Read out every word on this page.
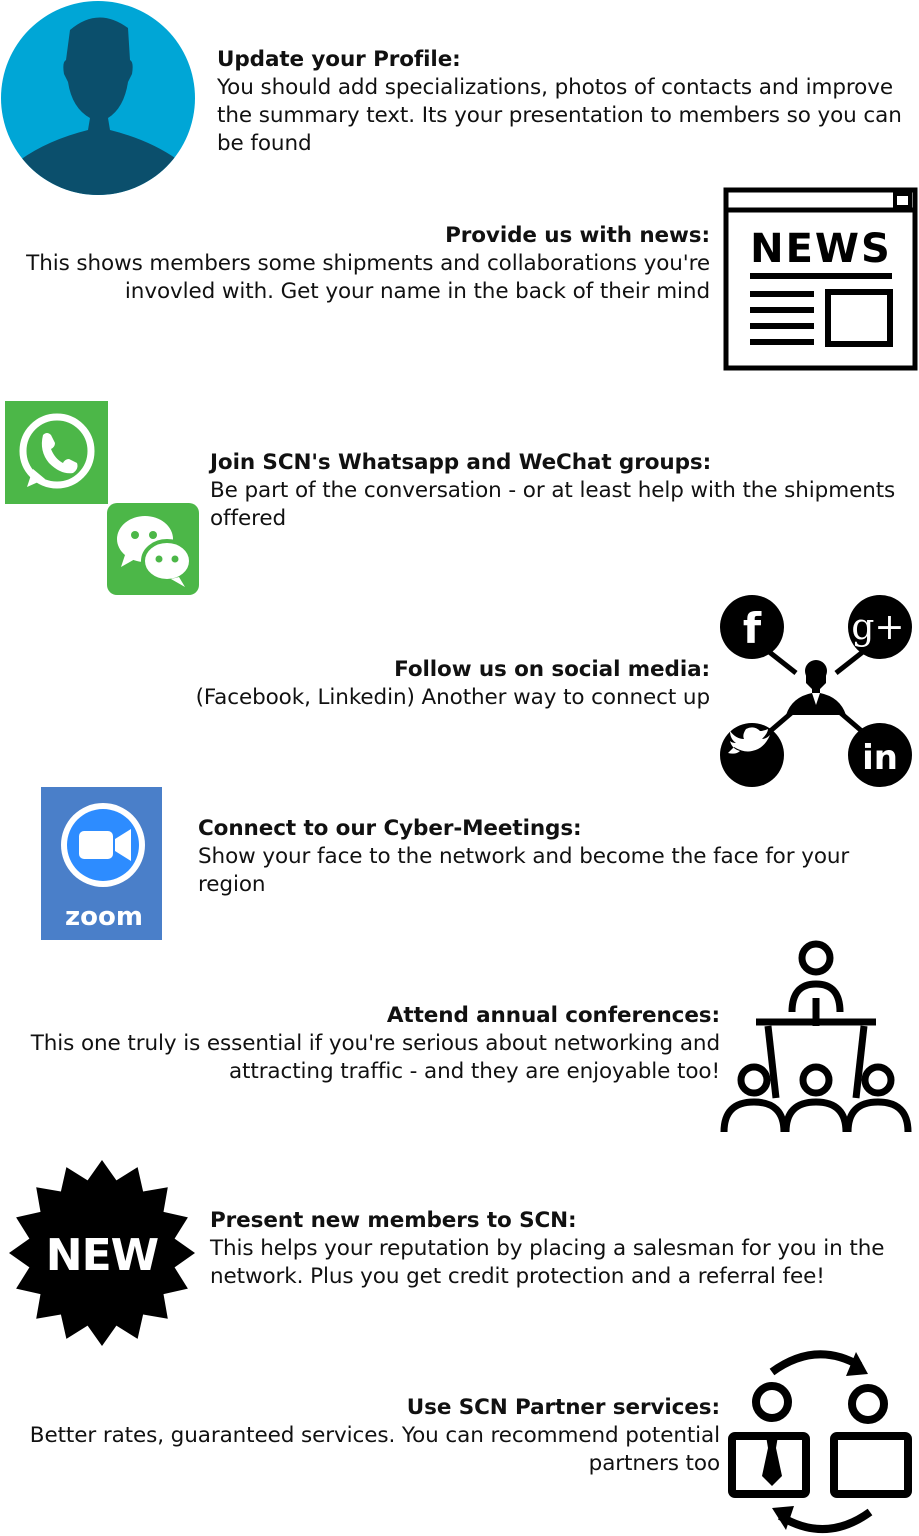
Update your Profile:
You should add specializations, photos of contacts and improve
the summary text. Its your presentation to members so you can
be found
NEWS
Provide us with news:
This shows members some shipments and collaborations you're
invovled with. Get your name in the back of their mind
Join SCN's Whatsapp and WeChat groups:
Be part of the conversation - or at least help with the shipments
offered
f	g+
in
Follow us on social media:
(Facebook, Linkedin) Another way to connect up
zoom
Connect to our Cyber-Meetings:
Show your face to the network and become the face for your
region
Attend annual conferences:
This one truly is essential if you're serious about networking and
attracting traffic - and they are enjoyable too!
NEW
Present new members to SCN:
This helps your reputation by placing a salesman for you in the
network. Plus you get credit protection and a referral fee!
Use SCN Partner services:
Better rates, guaranteed services. You can recommend potential
partners too
